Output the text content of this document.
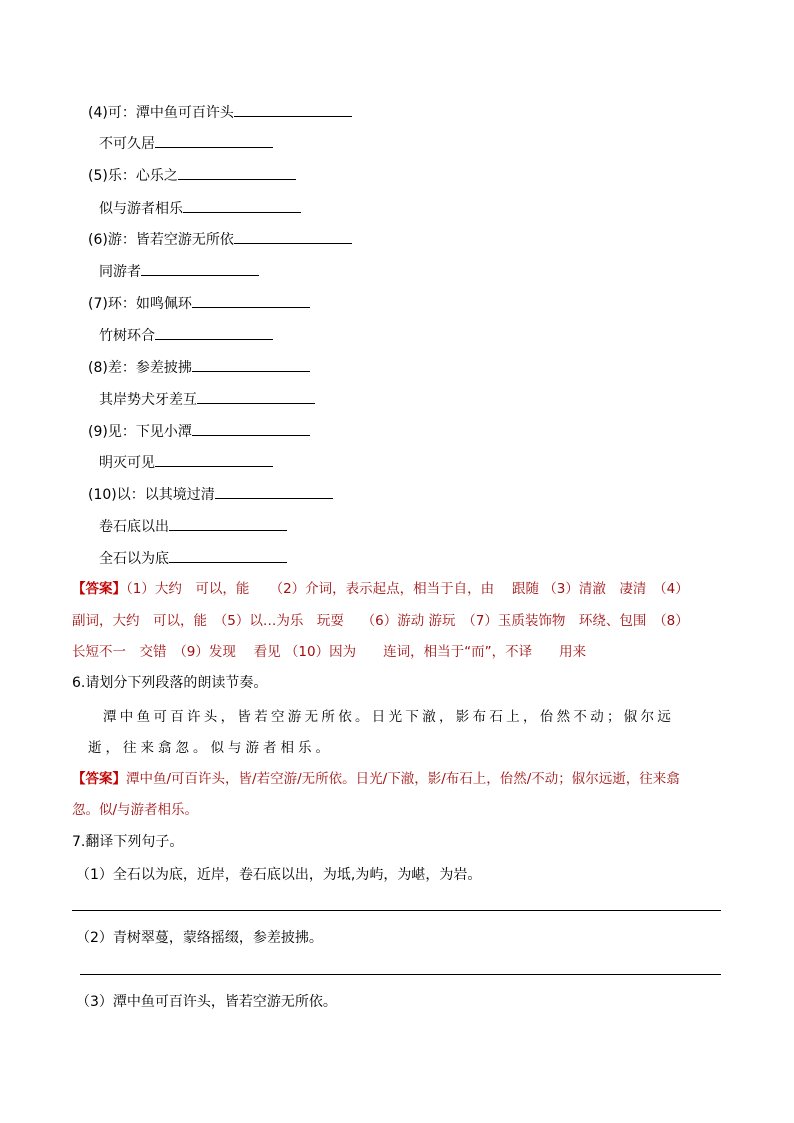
(4)可：潭中鱼可百许头
不可久居
(5)乐：心乐之
似与游者相乐
(6)游：皆若空游无所依
同游者
(7)环：如鸣佩环
竹树环合
(8)差：参差披拂
其岸势犬牙差互
(9)见：下见小潭
明灭可见
(10)以：以其境过清
卷石底以出
全石以为底
【答案】（1）大约　可以，能　　（2）介词，表示起点，相当于自，由　 跟随 （3）清澈　凄清　（4）
副词，大约　可以，能　（5）以…为乐　玩耍　 （6）游动 游玩　（7）玉质装饰物　环绕、包围　（8）
长短不一　交错　（9）发现　 看见 （10）因为　　连词，相当于“而”，不译　　用来
6.请划分下列段落的朗读节奏。
潭中鱼可百许头，皆若空游无所依。日光下澈，影布石上，佁然不动；俶尔远
逝，往来翕忽。似与游者相乐。
【答案】潭中鱼/可百许头，皆/若空游/无所依。日光/下澈，影/布石上，佁然/不动；俶尔远逝，往来翕
忽。似/与游者相乐。
7.翻译下列句子。
（1）全石以为底，近岸，卷石底以出，为坻,为屿，为嵁，为岩。
（2）青树翠蔓，蒙络摇缀，参差披拂。
（3）潭中鱼可百许头，皆若空游无所依。
